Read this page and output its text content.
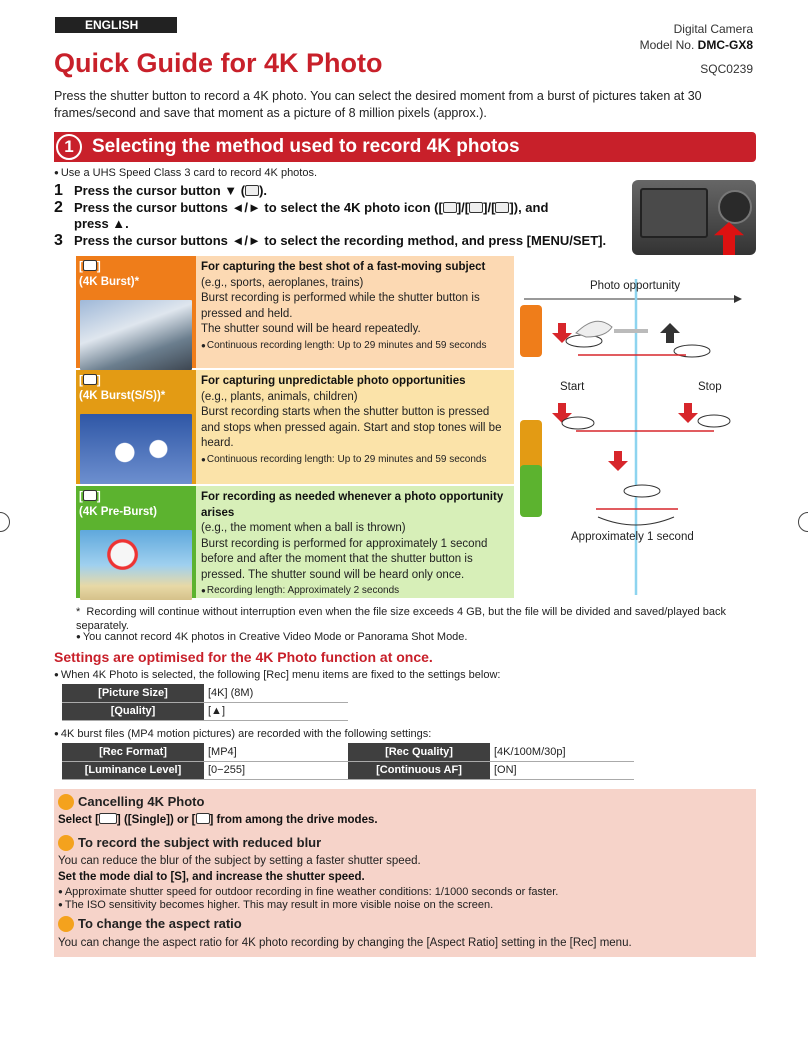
ENGLISH	Digital Camera
Model No. DMC-GX8
Quick Guide for 4K Photo	SQC0239
Press the shutter button to record a 4K photo. You can select the desired moment from a burst of pictures taken at 30 frames/second and save that moment as a picture of 8 million pixels (approx.).
1 Selecting the method used to record 4K photos
● Use a UHS Speed Class 3 card to record 4K photos.
1 Press the cursor button ▼ ( ).
2 Press the cursor buttons ◄/► to select the 4K photo icon ([ ]/[ ]/[ ]), and
press ▲.
3 Press the cursor buttons ◄/► to select the recording method, and press [MENU/SET].
[ ]
(4K Burst)*
For capturing the best shot of a fast-moving subject
(e.g., sports, aeroplanes, trains)
Burst recording is performed while the shutter button is pressed and held.
The shutter sound will be heard repeatedly.
● Continuous recording length: Up to 29 minutes and 59 seconds
[ ]
(4K Burst(S/S))*
For capturing unpredictable photo opportunities
(e.g., plants, animals, children)
Burst recording starts when the shutter button is pressed and stops when pressed again. Start and stop tones will be heard.
● Continuous recording length: Up to 29 minutes and 59 seconds
[ ]
(4K Pre-Burst)
For recording as needed whenever a photo opportunity arises
(e.g., the moment when a ball is thrown)
Burst recording is performed for approximately 1 second before and after the moment that the shutter button is pressed. The shutter sound will be heard only once.
● Recording length: Approximately 2 seconds
Photo opportunity
Start	Stop
Approximately 1 second
* Recording will continue without interruption even when the file size exceeds 4 GB, but the file will be divided and saved/played back separately.
● You cannot record 4K photos in Creative Video Mode or Panorama Shot Mode.
Settings are optimised for the 4K Photo function at once.
● When 4K Photo is selected, the following [Rec] menu items are fixed to the settings below:
[Picture Size]	[4K] (8M)
[Quality]	[▲]
● 4K burst files (MP4 motion pictures) are recorded with the following settings:
[Rec Format]	[MP4]	[Rec Quality]	[4K/100M/30p]
[Luminance Level]	[0−255]	[Continuous AF]	[ON]
Cancelling 4K Photo
Select [ ] ([Single]) or [ ] from among the drive modes.
To record the subject with reduced blur
You can reduce the blur of the subject by setting a faster shutter speed.
Set the mode dial to [S], and increase the shutter speed.
● Approximate shutter speed for outdoor recording in fine weather conditions: 1/1000 seconds or faster.
● The ISO sensitivity becomes higher. This may result in more visible noise on the screen.
To change the aspect ratio
You can change the aspect ratio for 4K photo recording by changing the [Aspect Ratio] setting in the [Rec] menu.
